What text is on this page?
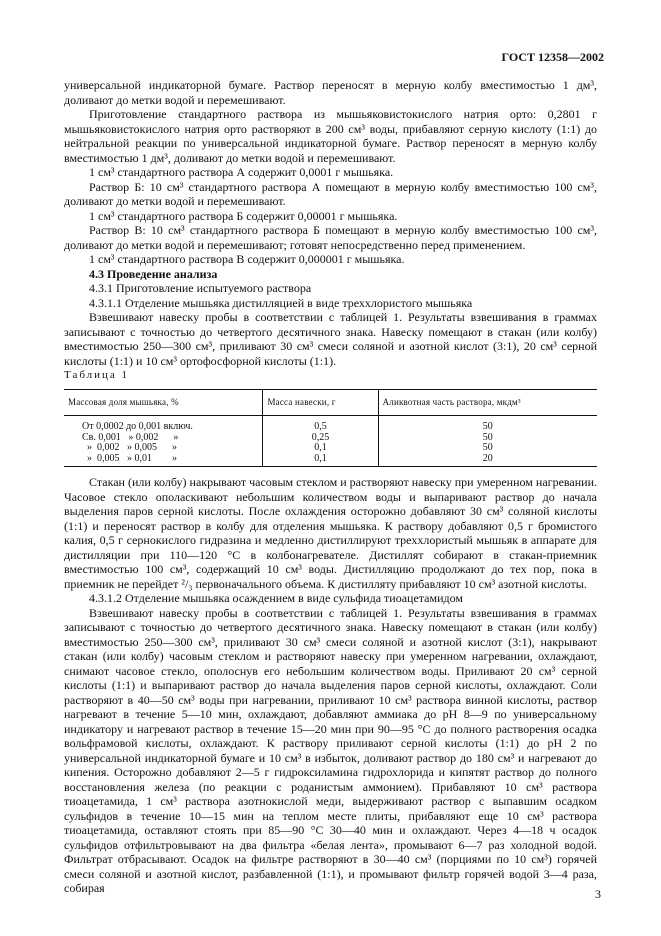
ГОСТ 12358—2002

универсальной индикаторной бумаге. Раствор переносят в мерную колбу вместимостью 1 дм³, доливают до метки водой и перемешивают.

Приготовление стандартного раствора из мышьяковистокислого натрия орто: 0,2801 г мышьяковистокислого натрия орто растворяют в 200 см³ воды, прибавляют серную кислоту (1:1) до нейтральной реакции по универсальной индикаторной бумаге. Раствор переносят в мерную колбу вместимостью 1 дм³, доливают до метки водой и перемешивают.

1 см³ стандартного раствора А содержит 0,0001 г мышьяка.

Раствор Б: 10 см³ стандартного раствора А помещают в мерную колбу вместимостью 100 см³, доливают до метки водой и перемешивают.

1 см³ стандартного раствора Б содержит 0,00001 г мышьяка.

Раствор В: 10 см³ стандартного раствора Б помещают в мерную колбу вместимостью 100 см³, доливают до метки водой и перемешивают; готовят непосредственно перед применением.

1 см³ стандартного раствора В содержит 0,000001 г мышьяка.

4.3 Проведение анализа

4.3.1 Приготовление испытуемого раствора

4.3.1.1 Отделение мышьяка дистилляцией в виде треххлористого мышьяка

Взвешивают навеску пробы в соответствии с таблицей 1. Результаты взвешивания в граммах записывают с точностью до четвертого десятичного знака. Навеску помещают в стакан (или колбу) вместимостью 250—300 см³, приливают 30 см³ смеси соляной и азотной кислот (3:1), 20 см³ серной кислоты (1:1) и 10 см³ ортофосфорной кислоты (1:1).

Таблица 1

Массовая доля мышьяка, %	Масса навески, г	Аликвотная часть раствора, мкдм³
От 0,0002 до 0,001 включ.	0,5	50
Св. 0,001   » 0,002      »	0,25	50
»  0,002   » 0,005      »	0,1	50
»  0,005   » 0,01        »	0,1	20

Стакан (или колбу) накрывают часовым стеклом и растворяют навеску при умеренном нагревании. Часовое стекло ополаскивают небольшим количеством воды и выпаривают раствор до начала выделения паров серной кислоты. После охлаждения осторожно добавляют 30 см³ соляной кислоты (1:1) и переносят раствор в колбу для отделения мышьяка. К раствору добавляют 0,5 г бромистого калия, 0,5 г сернокислого гидразина и медленно дистиллируют треххлористый мышьяк в аппарате для дистилляции при 110—120 °С в колбонагревателе. Дистиллят собирают в стакан-приемник вместимостью 100 см³, содержащий 10 см³ воды. Дистилляцию продолжают до тех пор, пока в приемник не перейдет ²/₃ первоначального объема. К дистилляту прибавляют 10 см³ азотной кислоты.

4.3.1.2 Отделение мышьяка осаждением в виде сульфида тиоацетамидом

Взвешивают навеску пробы в соответствии с таблицей 1. Результаты взвешивания в граммах записывают с точностью до четвертого десятичного знака. Навеску помещают в стакан (или колбу) вместимостью 250—300 см³, приливают 30 см³ смеси соляной и азотной кислот (3:1), накрывают стакан (или колбу) часовым стеклом и растворяют навеску при умеренном нагревании, охлаждают, снимают часовое стекло, ополоснув его небольшим количеством воды. Приливают 20 см³ серной кислоты (1:1) и выпаривают раствор до начала выделения паров серной кислоты, охлаждают. Соли растворяют в 40—50 см³ воды при нагревании, приливают 10 см³ раствора винной кислоты, раствор нагревают в течение 5—10 мин, охлаждают, добавляют аммиака до рН 8—9 по универсальному индикатору и нагревают раствор в течение 15—20 мин при 90—95 °С до полного растворения осадка вольфрамовой кислоты, охлаждают. К раствору приливают серной кислоты (1:1) до рН 2 по универсальной индикаторной бумаге и 10 см³ в избыток, доливают раствор до 180 см³ и нагревают до кипения. Осторожно добавляют 2—5 г гидроксиламина гидрохлорида и кипятят раствор до полного восстановления железа (по реакции с роданистым аммонием). Прибавляют 10 см³ раствора тиоацетамида, 1 см³ раствора азотнокислой меди, выдерживают раствор с выпавшим осадком сульфидов в течение 10—15 мин на теплом месте плиты, прибавляют еще 10 см³ раствора тиоацетамида, оставляют стоять при 85—90 °С 30—40 мин и охлаждают. Через 4—18 ч осадок сульфидов отфильтровывают на два фильтра «белая лента», промывают 6—7 раз холодной водой. Фильтрат отбрасывают. Осадок на фильтре растворяют в 30—40 см³ (порциями по 10 см³) горячей смеси соляной и азотной кислот, разбавленной (1:1), и промывают фильтр горячей водой 3—4 раза, собирая	3
